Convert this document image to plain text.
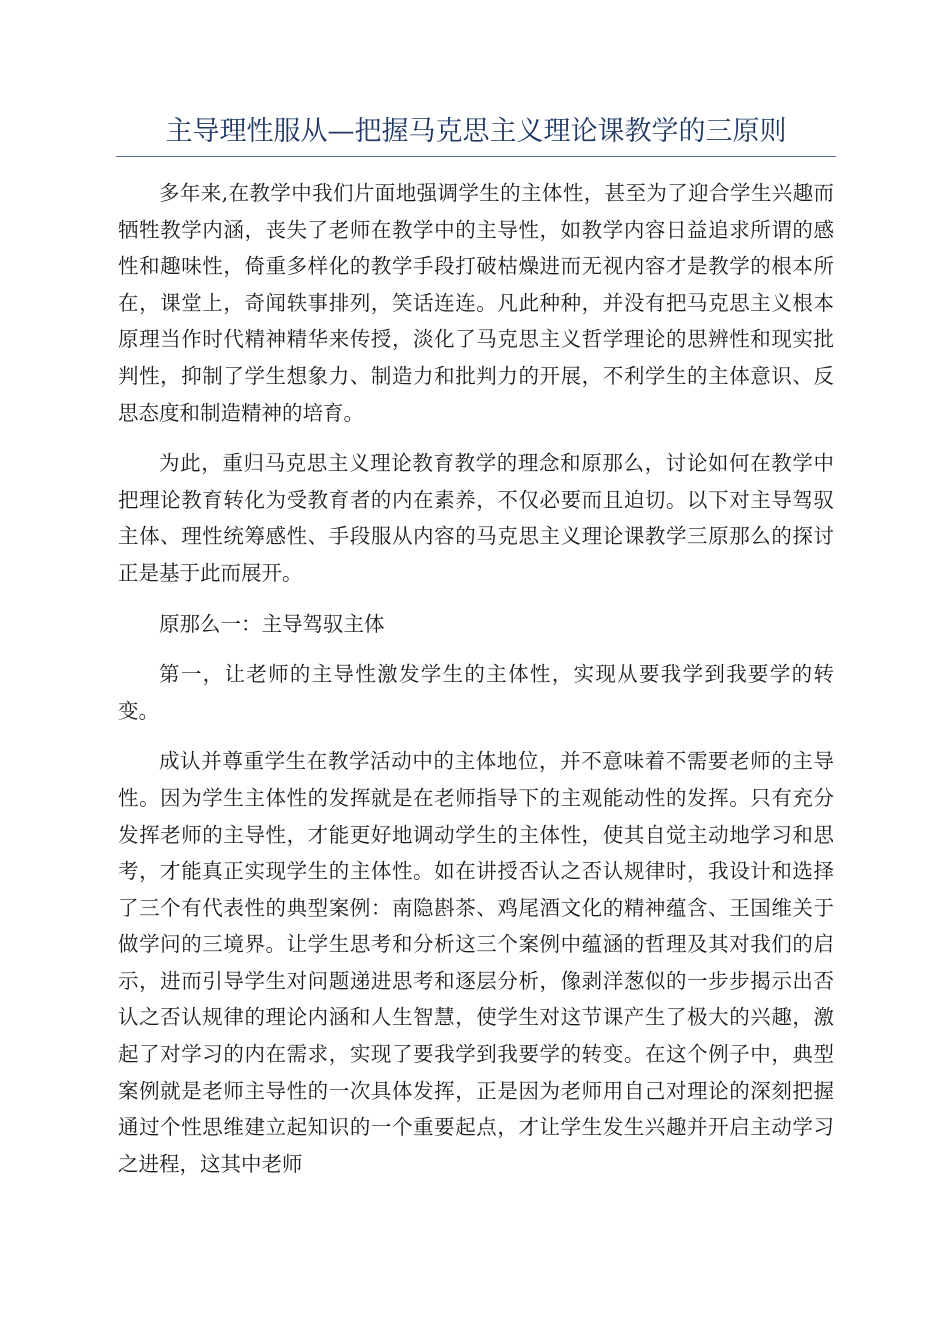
主导理性服从—把握马克思主义理论课教学的三原则

多年来,在教学中我们片面地强调学生的主体性，甚至为了迎合学生兴趣而牺牲教学内涵，丧失了老师在教学中的主导性，如教学内容日益追求所谓的感性和趣味性，倚重多样化的教学手段打破枯燥进而无视内容才是教学的根本所在，课堂上，奇闻轶事排列，笑话连连。凡此种种，并没有把马克思主义根本原理当作时代精神精华来传授，淡化了马克思主义哲学理论的思辨性和现实批判性，抑制了学生想象力、制造力和批判力的开展，不利学生的主体意识、反思态度和制造精神的培育。

为此，重归马克思主义理论教育教学的理念和原那么，讨论如何在教学中把理论教育转化为受教育者的内在素养，不仅必要而且迫切。以下对主导驾驭主体、理性统筹感性、手段服从内容的马克思主义理论课教学三原那么的探讨正是基于此而展开。

原那么一：主导驾驭主体

第一，让老师的主导性激发学生的主体性，实现从要我学到我要学的转变。

成认并尊重学生在教学活动中的主体地位，并不意味着不需要老师的主导性。因为学生主体性的发挥就是在老师指导下的主观能动性的发挥。只有充分发挥老师的主导性，才能更好地调动学生的主体性，使其自觉主动地学习和思考，才能真正实现学生的主体性。如在讲授否认之否认规律时，我设计和选择了三个有代表性的典型案例：南隐斟茶、鸡尾酒文化的精神蕴含、王国维关于做学问的三境界。让学生思考和分析这三个案例中蕴涵的哲理及其对我们的启示，进而引导学生对问题递进思考和逐层分析，像剥洋葱似的一步步揭示出否认之否认规律的理论内涵和人生智慧，使学生对这节课产生了极大的兴趣，激起了对学习的内在需求，实现了要我学到我要学的转变。在这个例子中，典型案例就是老师主导性的一次具体发挥，正是因为老师用自己对理论的深刻把握通过个性思维建立起知识的一个重要起点，才让学生发生兴趣并开启主动学习之进程，这其中老师
